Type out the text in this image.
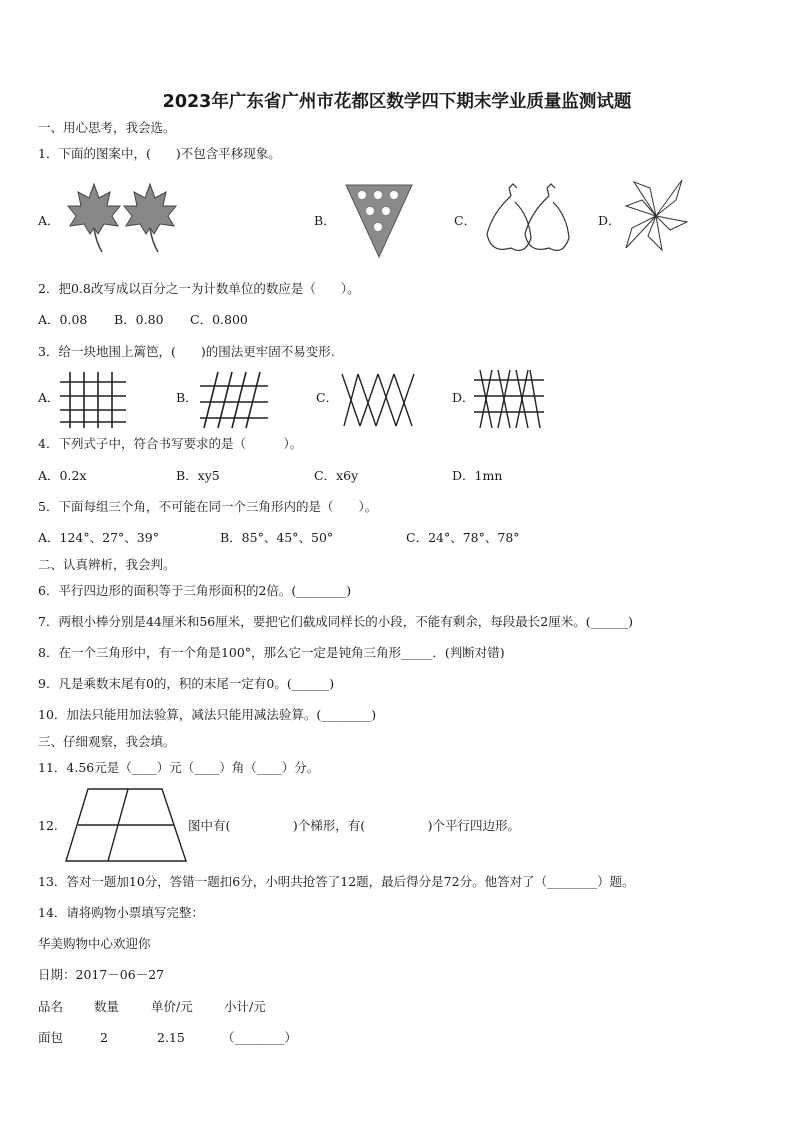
2023年广东省广州市花都区数学四下期末学业质量监测试题
一、用心思考，我会选。
1．下面的图案中，(　　)不包含平移现象。
A．	B．	C．	D．
2．把0.8改写成以百分之一为计数单位的数应是（　　）。
A．0.08 B．0.80 C．0.800
3．给一块地围上篱笆，(　　)的围法更牢固不易变形.
A．	B．	C．	D．
4．下列式子中，符合书写要求的是（　　　）。
A．0.2x	B．xy5	C．x6y	D．1mn
5．下面每组三个角，不可能在同一个三角形内的是（　　）。
A．124°、27°、39°	B．85°、45°、50°	C．24°、78°、78°
二、认真辨析，我会判。
6．平行四边形的面积等于三角形面积的2倍。(________)
7．两根小棒分别是44厘米和56厘米，要把它们截成同样长的小段，不能有剩余，每段最长2厘米。(______)
8．在一个三角形中，有一个角是100°，那么它一定是钝角三角形_____．(判断对错)
9．凡是乘数末尾有0的，积的末尾一定有0。(______)
10．加法只能用加法验算，减法只能用减法验算。(________)
三、仔细观察，我会填。
11．4.56元是（____）元（____）角（____）分。
12.	图中有(　　　　　)个梯形，有(　　　　　)个平行四边形。
13．答对一题加10分，答错一题扣6分，小明共抢答了12题，最后得分是72分。他答对了（________）题。
14．请将购物小票填写完整：
华美购物中心欢迎你
日期：2017－06－27
品名 数量	单价/元	小计/元
面包	2	2.15	（________）
